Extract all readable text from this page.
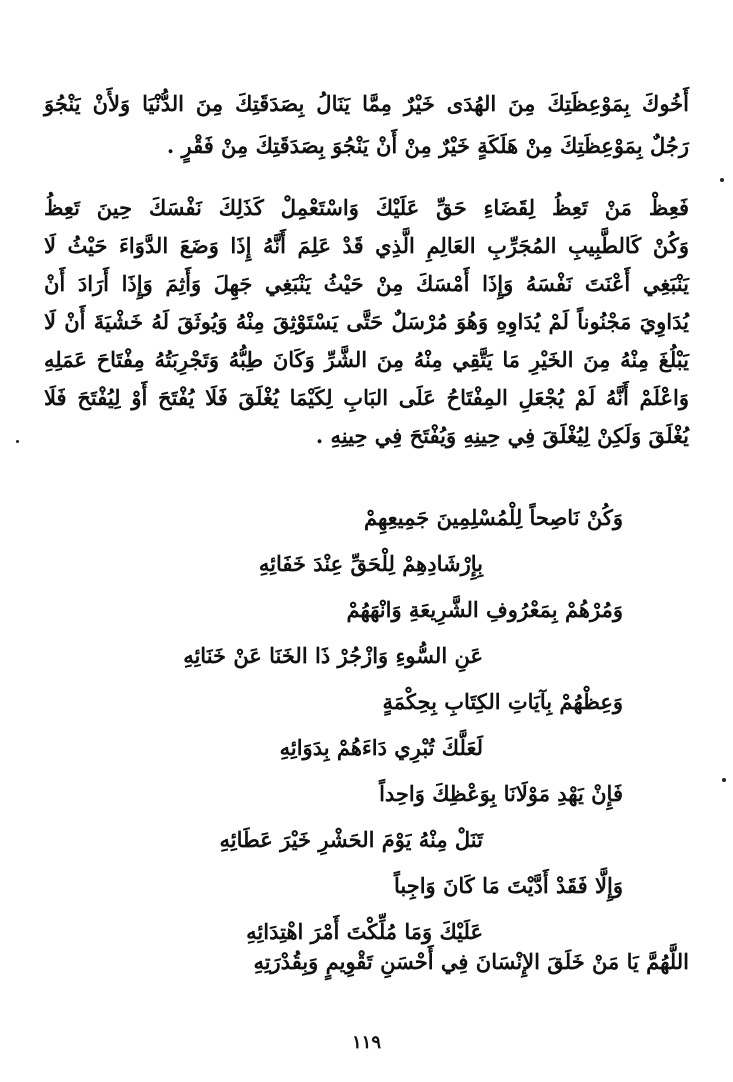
أَخُوكَ بِمَوْعِظَتِكَ مِنَ الهُدَى خَيْرٌ مِمَّا يَنَالُ بِصَدَقَتِكَ مِنَ الدُّنْيَا وَلأَنْ يَنْجُوَ
رَجُلٌ بِمَوْعِظَتِكَ مِنْ هَلَكَةٍ خَيْرٌ مِنْ أَنْ يَنْجُوَ بِصَدَقَتِكَ مِنْ فَقْرٍ .
فَعِظْ مَنْ تَعِظُ لِقَضَاءِ حَقِّ عَلَيْكَ وَاسْتَعْمِلْ كَذَلِكَ نَفْسَكَ حِينَ تَعِظُ
وَكُنْ كَالطَّبِيبِ المُجَرِّبِ العَالِمِ الَّذِي قَدْ عَلِمَ أَنَّهُ إِذَا وَضَعَ الدَّوَاءَ حَيْثُ لَا
يَنْبَغِي أَعْنَتَ نَفْسَهُ وَإِذَا أَمْسَكَ مِنْ حَيْثُ يَنْبَغِي جَهِلَ وَأَثِمَ وَإِذَا أَرَادَ أَنْ
يُدَاوِيَ مَجْنُوناً لَمْ يُدَاوِهِ وَهُوَ مُرْسَلٌ حَتَّى يَسْتَوْثِقَ مِنْهُ وَيُوثَقَ لَهُ خَشْيَةَ أَنْ لَا
يَبْلُغَ مِنْهُ مِنَ الخَيْرِ مَا يَتَّقِي مِنْهُ مِنَ الشَّرِّ وَكَانَ طِبُّهُ وَتَجْرِبَتُهُ مِفْتَاحَ عَمَلِهِ
وَاعْلَمْ أَنَّهُ لَمْ يُجْعَلِ المِفْتَاحُ عَلَى البَابِ لِكَيْمَا يُغْلَقَ فَلَا يُفْتَحَ أَوْ لِيُفْتَحَ فَلَا
يُغْلَقَ وَلَكِنْ لِيُغْلَقَ فِي حِينِهِ وَيُفْتَحَ فِي حِينِهِ .
وَكُنْ نَاصِحاً لِلْمُسْلِمِينَ جَمِيعِهِمْ
بِإِرْشَادِهِمْ لِلْحَقِّ عِنْدَ خَفَائِهِ
وَمُرْهُمْ بِمَعْرُوفِ الشَّرِيعَةِ وَانْهَهُمْ
عَنِ السُّوءِ وَازْجُرْ ذَا الخَنَا عَنْ خَنَائِهِ
وَعِظْهُمْ بِآيَاتِ الكِتَابِ بِحِكْمَةٍ
لَعَلَّكَ تُبْرِي دَاءَهُمْ بِدَوَائِهِ
فَإِنْ يَهْدِ مَوْلَانَا بِوَعْظِكَ وَاحِداً
تَنَلْ مِنْهُ يَوْمَ الحَشْرِ خَيْرَ عَطَائِهِ
وَإِلَّا فَقَدْ أَدَّيْتَ مَا كَانَ وَاجِباً
عَلَيْكَ وَمَا مُلِّكْتَ أَمْرَ اهْتِدَائِهِ
اللَّهُمَّ يَا مَنْ خَلَقَ الإِنْسَانَ فِي أَحْسَنِ تَقْوِيمٍ وَبِقُدْرَتِهِ
١١٩
